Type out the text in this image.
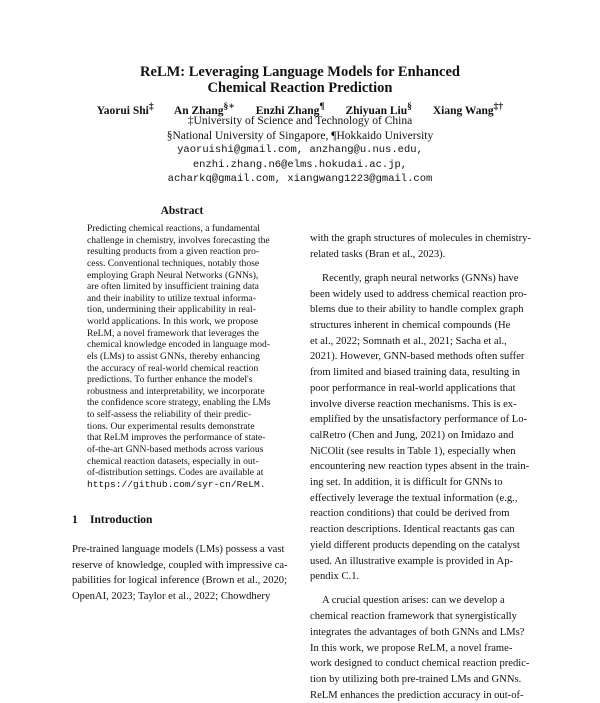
ReLM: Leveraging Language Models for Enhanced
Chemical Reaction Prediction
Yaorui Shi‡ An Zhang§∗ Enzhi Zhang¶ Zhiyuan Liu§ Xiang Wang‡†
‡University of Science and Technology of China
§National University of Singapore, ¶Hokkaido University
yaoruishi@gmail.com, anzhang@u.nus.edu,
enzhi.zhang.n6@elms.hokudai.ac.jp,
acharkq@gmail.com, xiangwang1223@gmail.com
Abstract
Predicting chemical reactions, a fundamental
challenge in chemistry, involves forecasting the
resulting products from a given reaction pro-
cess. Conventional techniques, notably those
employing Graph Neural Networks (GNNs),
are often limited by insufficient training data
and their inability to utilize textual informa-
tion, undermining their applicability in real-
world applications. In this work, we propose
ReLM, a novel framework that leverages the
chemical knowledge encoded in language mod-
els (LMs) to assist GNNs, thereby enhancing
the accuracy of real-world chemical reaction
predictions. To further enhance the model's
robustness and interpretability, we incorporate
the confidence score strategy, enabling the LMs
to self-assess the reliability of their predic-
tions. Our experimental results demonstrate
that ReLM improves the performance of state-
of-the-art GNN-based methods across various
chemical reaction datasets, especially in out-
of-distribution settings. Codes are available at
https://github.com/syr-cn/ReLM.
1 Introduction
Pre-trained language models (LMs) possess a vast
reserve of knowledge, coupled with impressive ca-
pabilities for logical inference (Brown et al., 2020;
OpenAI, 2023; Taylor et al., 2022; Chowdhery
with the graph structures of molecules in chemistry-
related tasks (Bran et al., 2023).
Recently, graph neural networks (GNNs) have
been widely used to address chemical reaction pro-
blems due to their ability to handle complex graph
structures inherent in chemical compounds (He
et al., 2022; Somnath et al., 2021; Sacha et al.,
2021). However, GNN-based methods often suffer
from limited and biased training data, resulting in
poor performance in real-world applications that
involve diverse reaction mechanisms. This is ex-
emplified by the unsatisfactory performance of Lo-
calRetro (Chen and Jung, 2021) on Imidazo and
NiCOlit (see results in Table 1), especially when
encountering new reaction types absent in the train-
ing set. In addition, it is difficult for GNNs to
effectively leverage the textual information (e.g.,
reaction conditions) that could be derived from
reaction descriptions. Identical reactants gas can
yield different products depending on the catalyst
used. An illustrative example is provided in Ap-
pendix C.1.
A crucial question arises: can we develop a
chemical reaction framework that synergistically
integrates the advantages of both GNNs and LMs?
In this work, we propose ReLM, a novel frame-
work designed to conduct chemical reaction predic-
tion by utilizing both pre-trained LMs and GNNs.
ReLM enhances the prediction accuracy in out-of-
